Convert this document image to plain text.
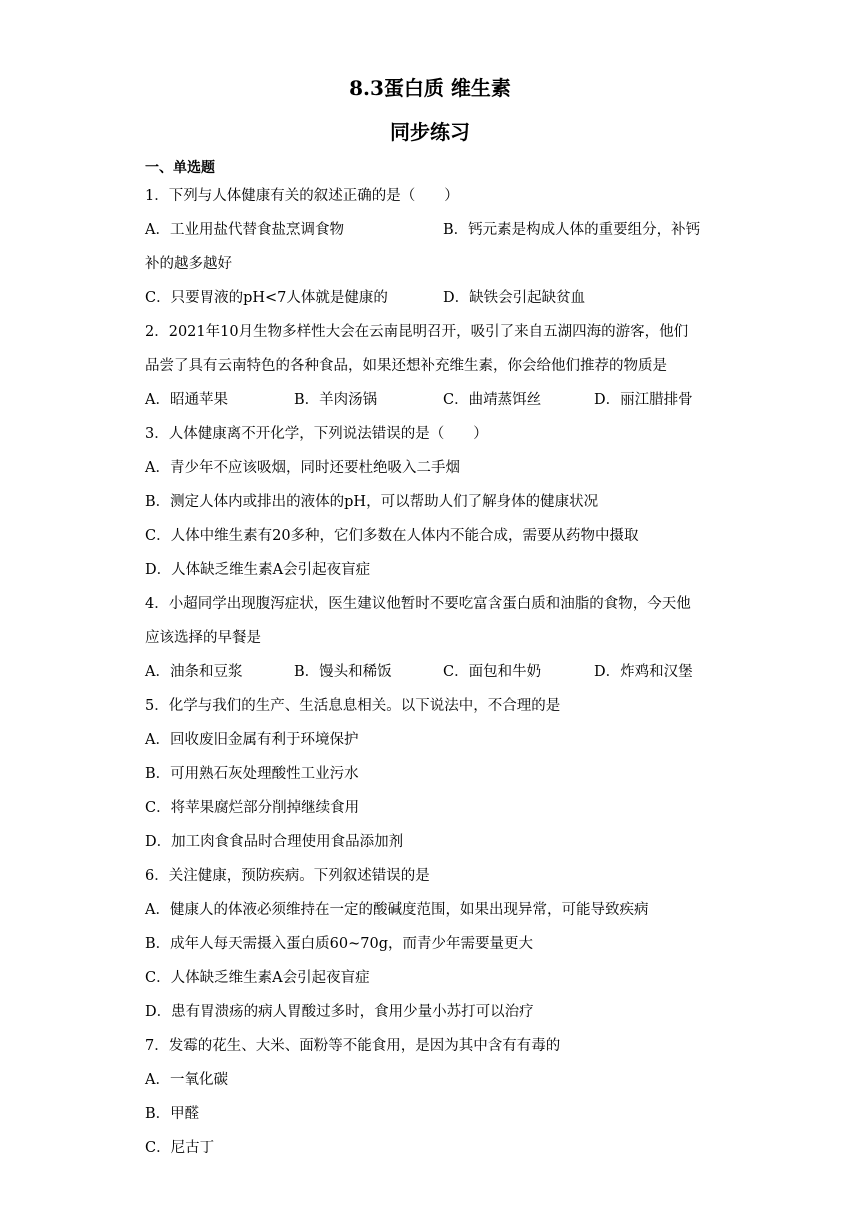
8.3蛋白质 维生素
同步练习
一、单选题
1．下列与人体健康有关的叙述正确的是（　　）
A．工业用盐代替食盐烹调食物	B．钙元素是构成人体的重要组分，补钙
补的越多越好
C．只要胃液的pH<7人体就是健康的	D．缺铁会引起缺贫血
2．2021年10月生物多样性大会在云南昆明召开，吸引了来自五湖四海的游客，他们
品尝了具有云南特色的各种食品，如果还想补充维生素，你会给他们推荐的物质是
A．昭通苹果	B．羊肉汤锅	C．曲靖蒸饵丝	D．丽江腊排骨
3．人体健康离不开化学，下列说法错误的是（　　）
A．青少年不应该吸烟，同时还要杜绝吸入二手烟
B．测定人体内或排出的液体的pH，可以帮助人们了解身体的健康状况
C．人体中维生素有20多种，它们多数在人体内不能合成，需要从药物中摄取
D．人体缺乏维生素A会引起夜盲症
4．小超同学出现腹泻症状，医生建议他暂时不要吃富含蛋白质和油脂的食物，今天他
应该选择的早餐是
A．油条和豆浆	B．馒头和稀饭	C．面包和牛奶	D．炸鸡和汉堡
5．化学与我们的生产、生活息息相关。以下说法中，不合理的是
A．回收废旧金属有利于环境保护
B．可用熟石灰处理酸性工业污水
C．将苹果腐烂部分削掉继续食用
D．加工肉食食品时合理使用食品添加剂
6．关注健康，预防疾病。下列叙述错误的是
A．健康人的体液必须维持在一定的酸碱度范围，如果出现异常，可能导致疾病
B．成年人每天需摄入蛋白质60~70g，而青少年需要量更大
C．人体缺乏维生素A会引起夜盲症
D．患有胃溃疡的病人胃酸过多时，食用少量小苏打可以治疗
7．发霉的花生、大米、面粉等不能食用，是因为其中含有有毒的
A．一氧化碳
B．甲醛
C．尼古丁
